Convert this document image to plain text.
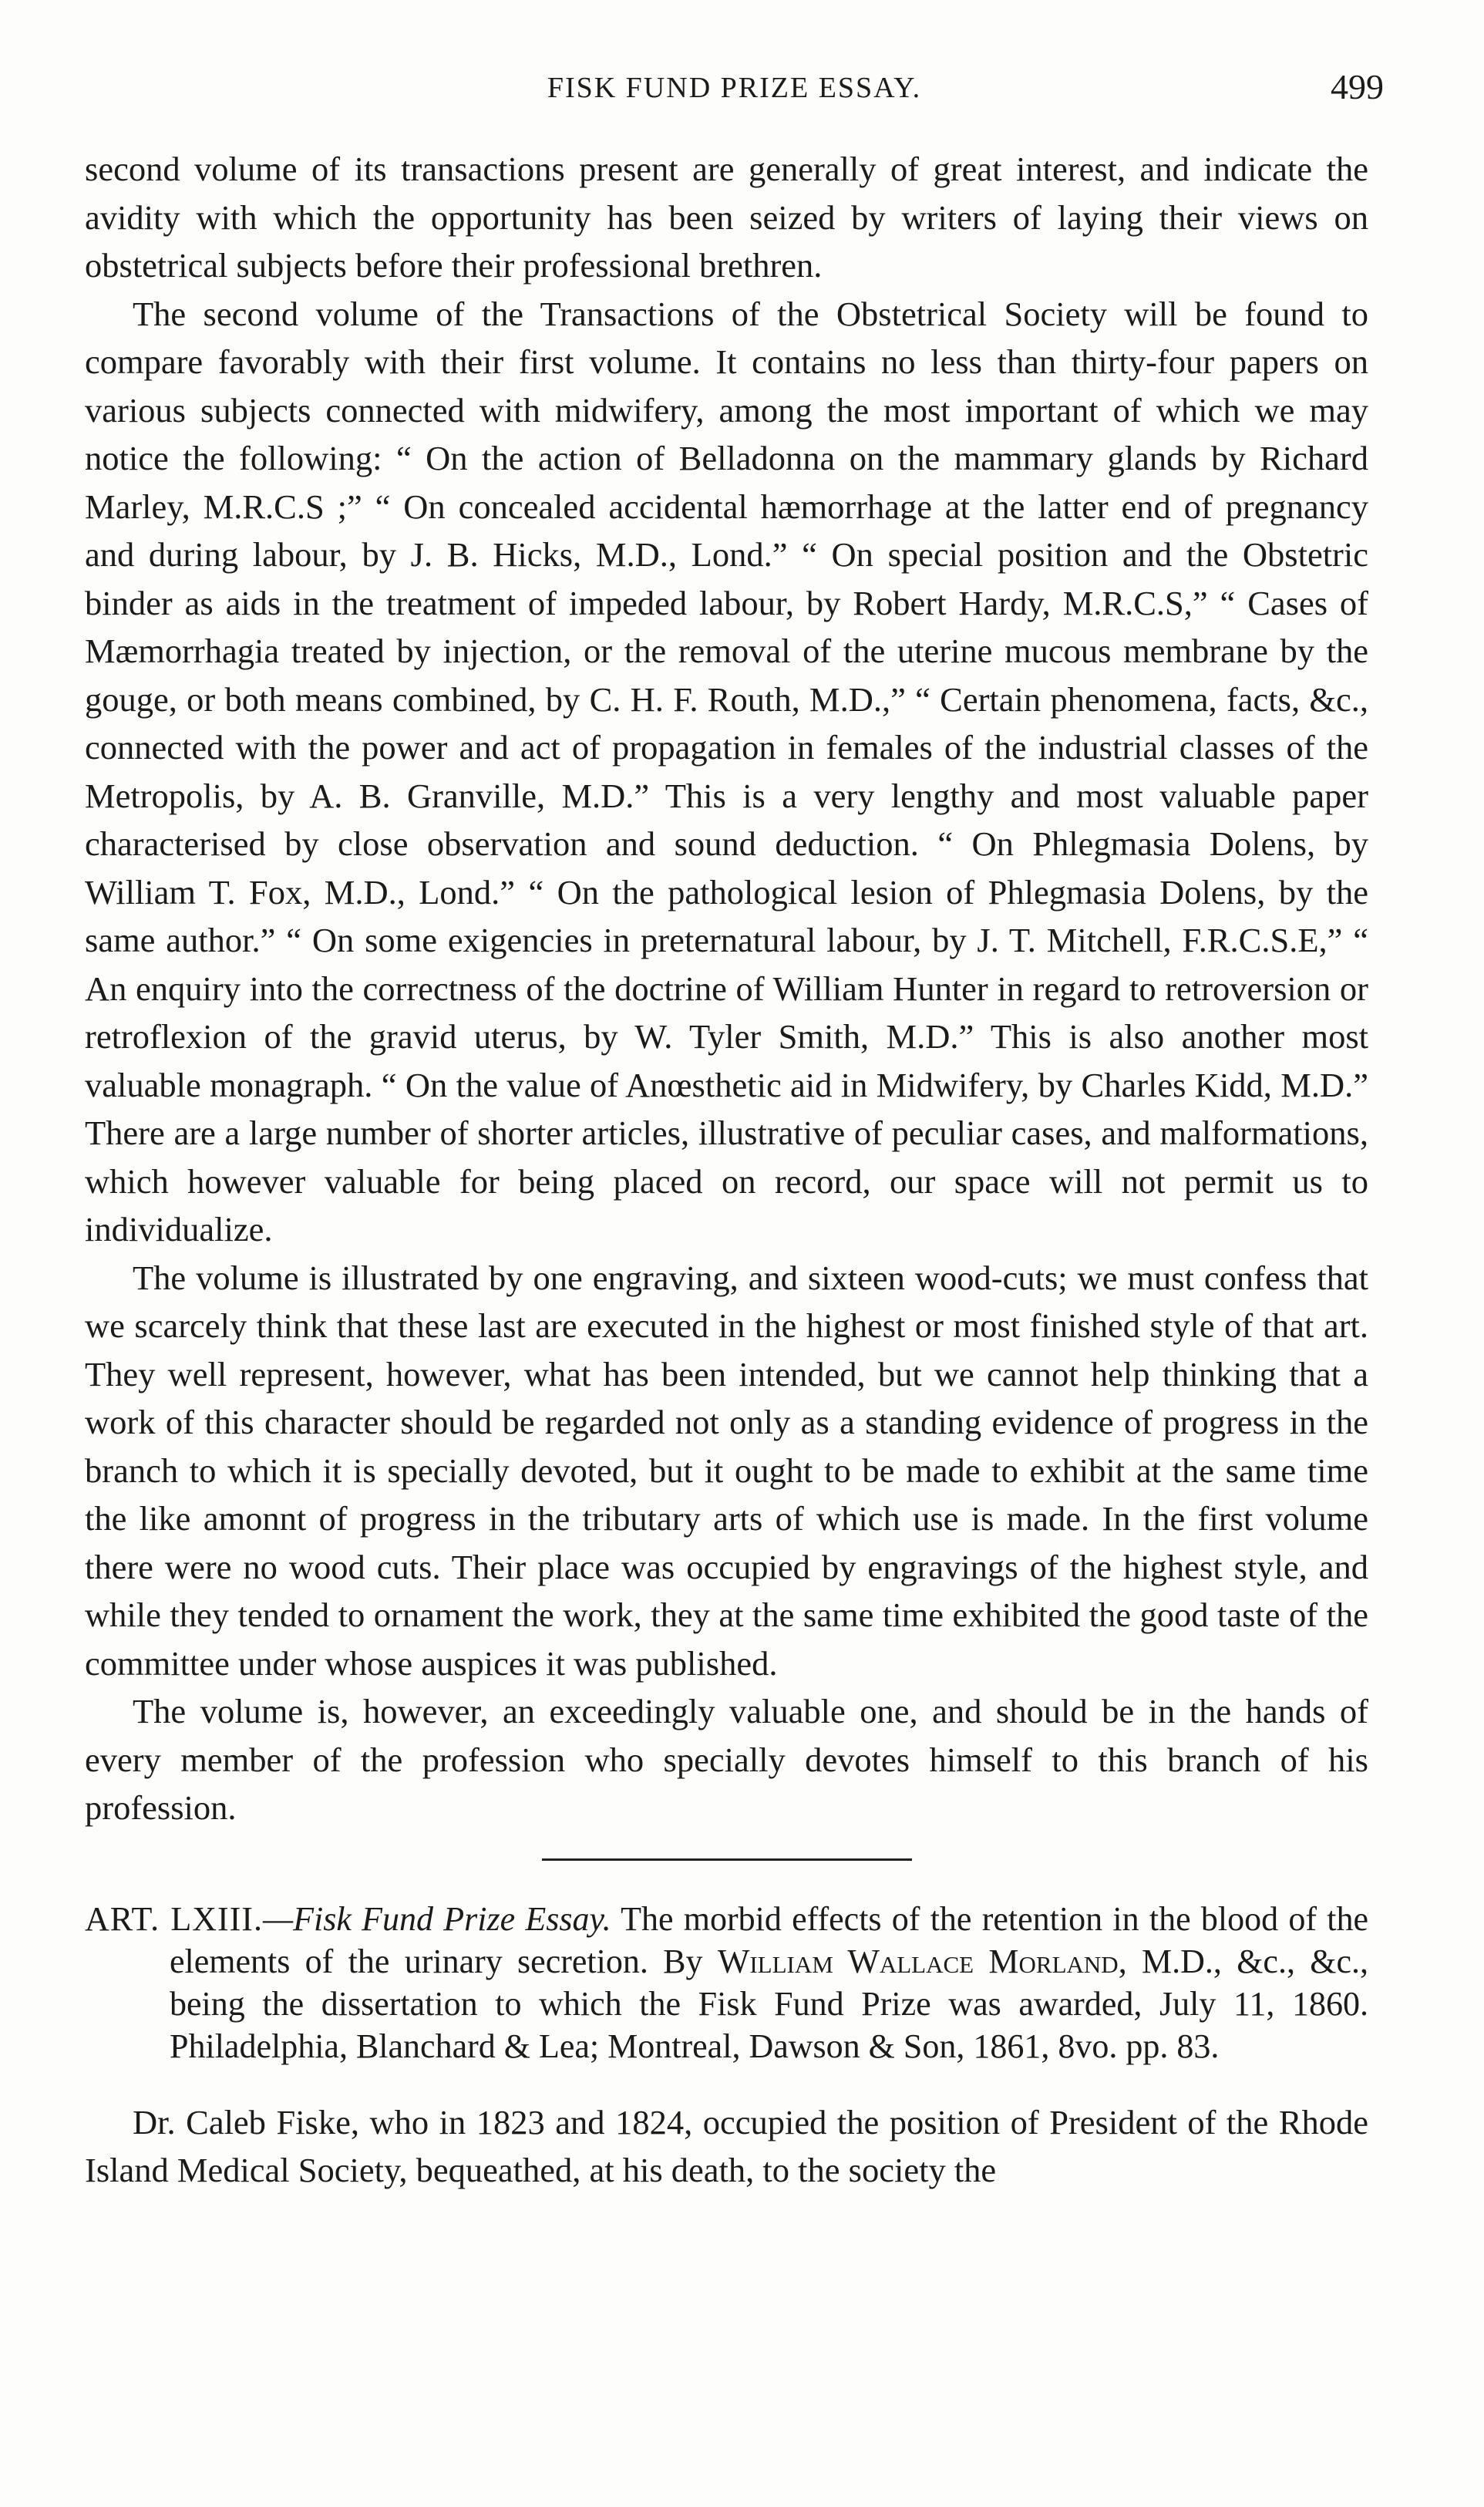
FISK FUND PRIZE ESSAY.	499

second volume of its transactions present are generally of great interest, and indicate the avidity with which the opportunity has been seized by writers of laying their views on obstetrical subjects before their professional brethren.

The second volume of the Transactions of the Obstetrical Society will be found to compare favorably with their first volume. It contains no less than thirty-four papers on various subjects connected with midwifery, among the most important of which we may notice the following: “ On the action of Belladonna on the mammary glands by Richard Marley, M.R.C.S ;” “ On concealed accidental hæmorrhage at the latter end of pregnancy and during labour, by J. B. Hicks, M.D., Lond.” “ On special position and the Obstetric binder as aids in the treatment of impeded labour, by Robert Hardy, M.R.C.S,” “ Cases of Mæmorrhagia treated by injection, or the removal of the uterine mucous membrane by the gouge, or both means combined, by C. H. F. Routh, M.D.,” “ Certain phenomena, facts, &c., connected with the power and act of propagation in females of the industrial classes of the Metropolis, by A. B. Granville, M.D.” This is a very lengthy and most valuable paper characterised by close observation and sound deduction. “ On Phlegmasia Dolens, by William T. Fox, M.D., Lond.” “ On the pathological lesion of Phlegmasia Dolens, by the same author.” “ On some exigencies in preternatural labour, by J. T. Mitchell, F.R.C.S.E,” “ An enquiry into the correctness of the doctrine of William Hunter in regard to retroversion or retroflexion of the gravid uterus, by W. Tyler Smith, M.D.” This is also another most valuable monagraph. “ On the value of Anœsthetic aid in Midwifery, by Charles Kidd, M.D.” There are a large number of shorter articles, illustrative of peculiar cases, and malformations, which however valuable for being placed on record, our space will not permit us to individualize.

The volume is illustrated by one engraving, and sixteen wood-cuts; we must confess that we scarcely think that these last are executed in the highest or most finished style of that art. They well represent, however, what has been intended, but we cannot help thinking that a work of this character should be regarded not only as a standing evidence of progress in the branch to which it is specially devoted, but it ought to be made to exhibit at the same time the like amonnt of progress in the tributary arts of which use is made. In the first volume there were no wood cuts. Their place was occupied by engravings of the highest style, and while they tended to ornament the work, they at the same time exhibited the good taste of the committee under whose auspices it was published.

The volume is, however, an exceedingly valuable one, and should be in the hands of every member of the profession who specially devotes himself to this branch of his profession.

ART. LXIII.—Fisk Fund Prize Essay. The morbid effects of the retention in the blood of the elements of the urinary secretion. By William Wallace Morland, M.D., &c., &c., being the dissertation to which the Fisk Fund Prize was awarded, July 11, 1860. Philadelphia, Blanchard & Lea; Montreal, Dawson & Son, 1861, 8vo. pp. 83.

Dr. Caleb Fiske, who in 1823 and 1824, occupied the position of President of the Rhode Island Medical Society, bequeathed, at his death, to the society the
